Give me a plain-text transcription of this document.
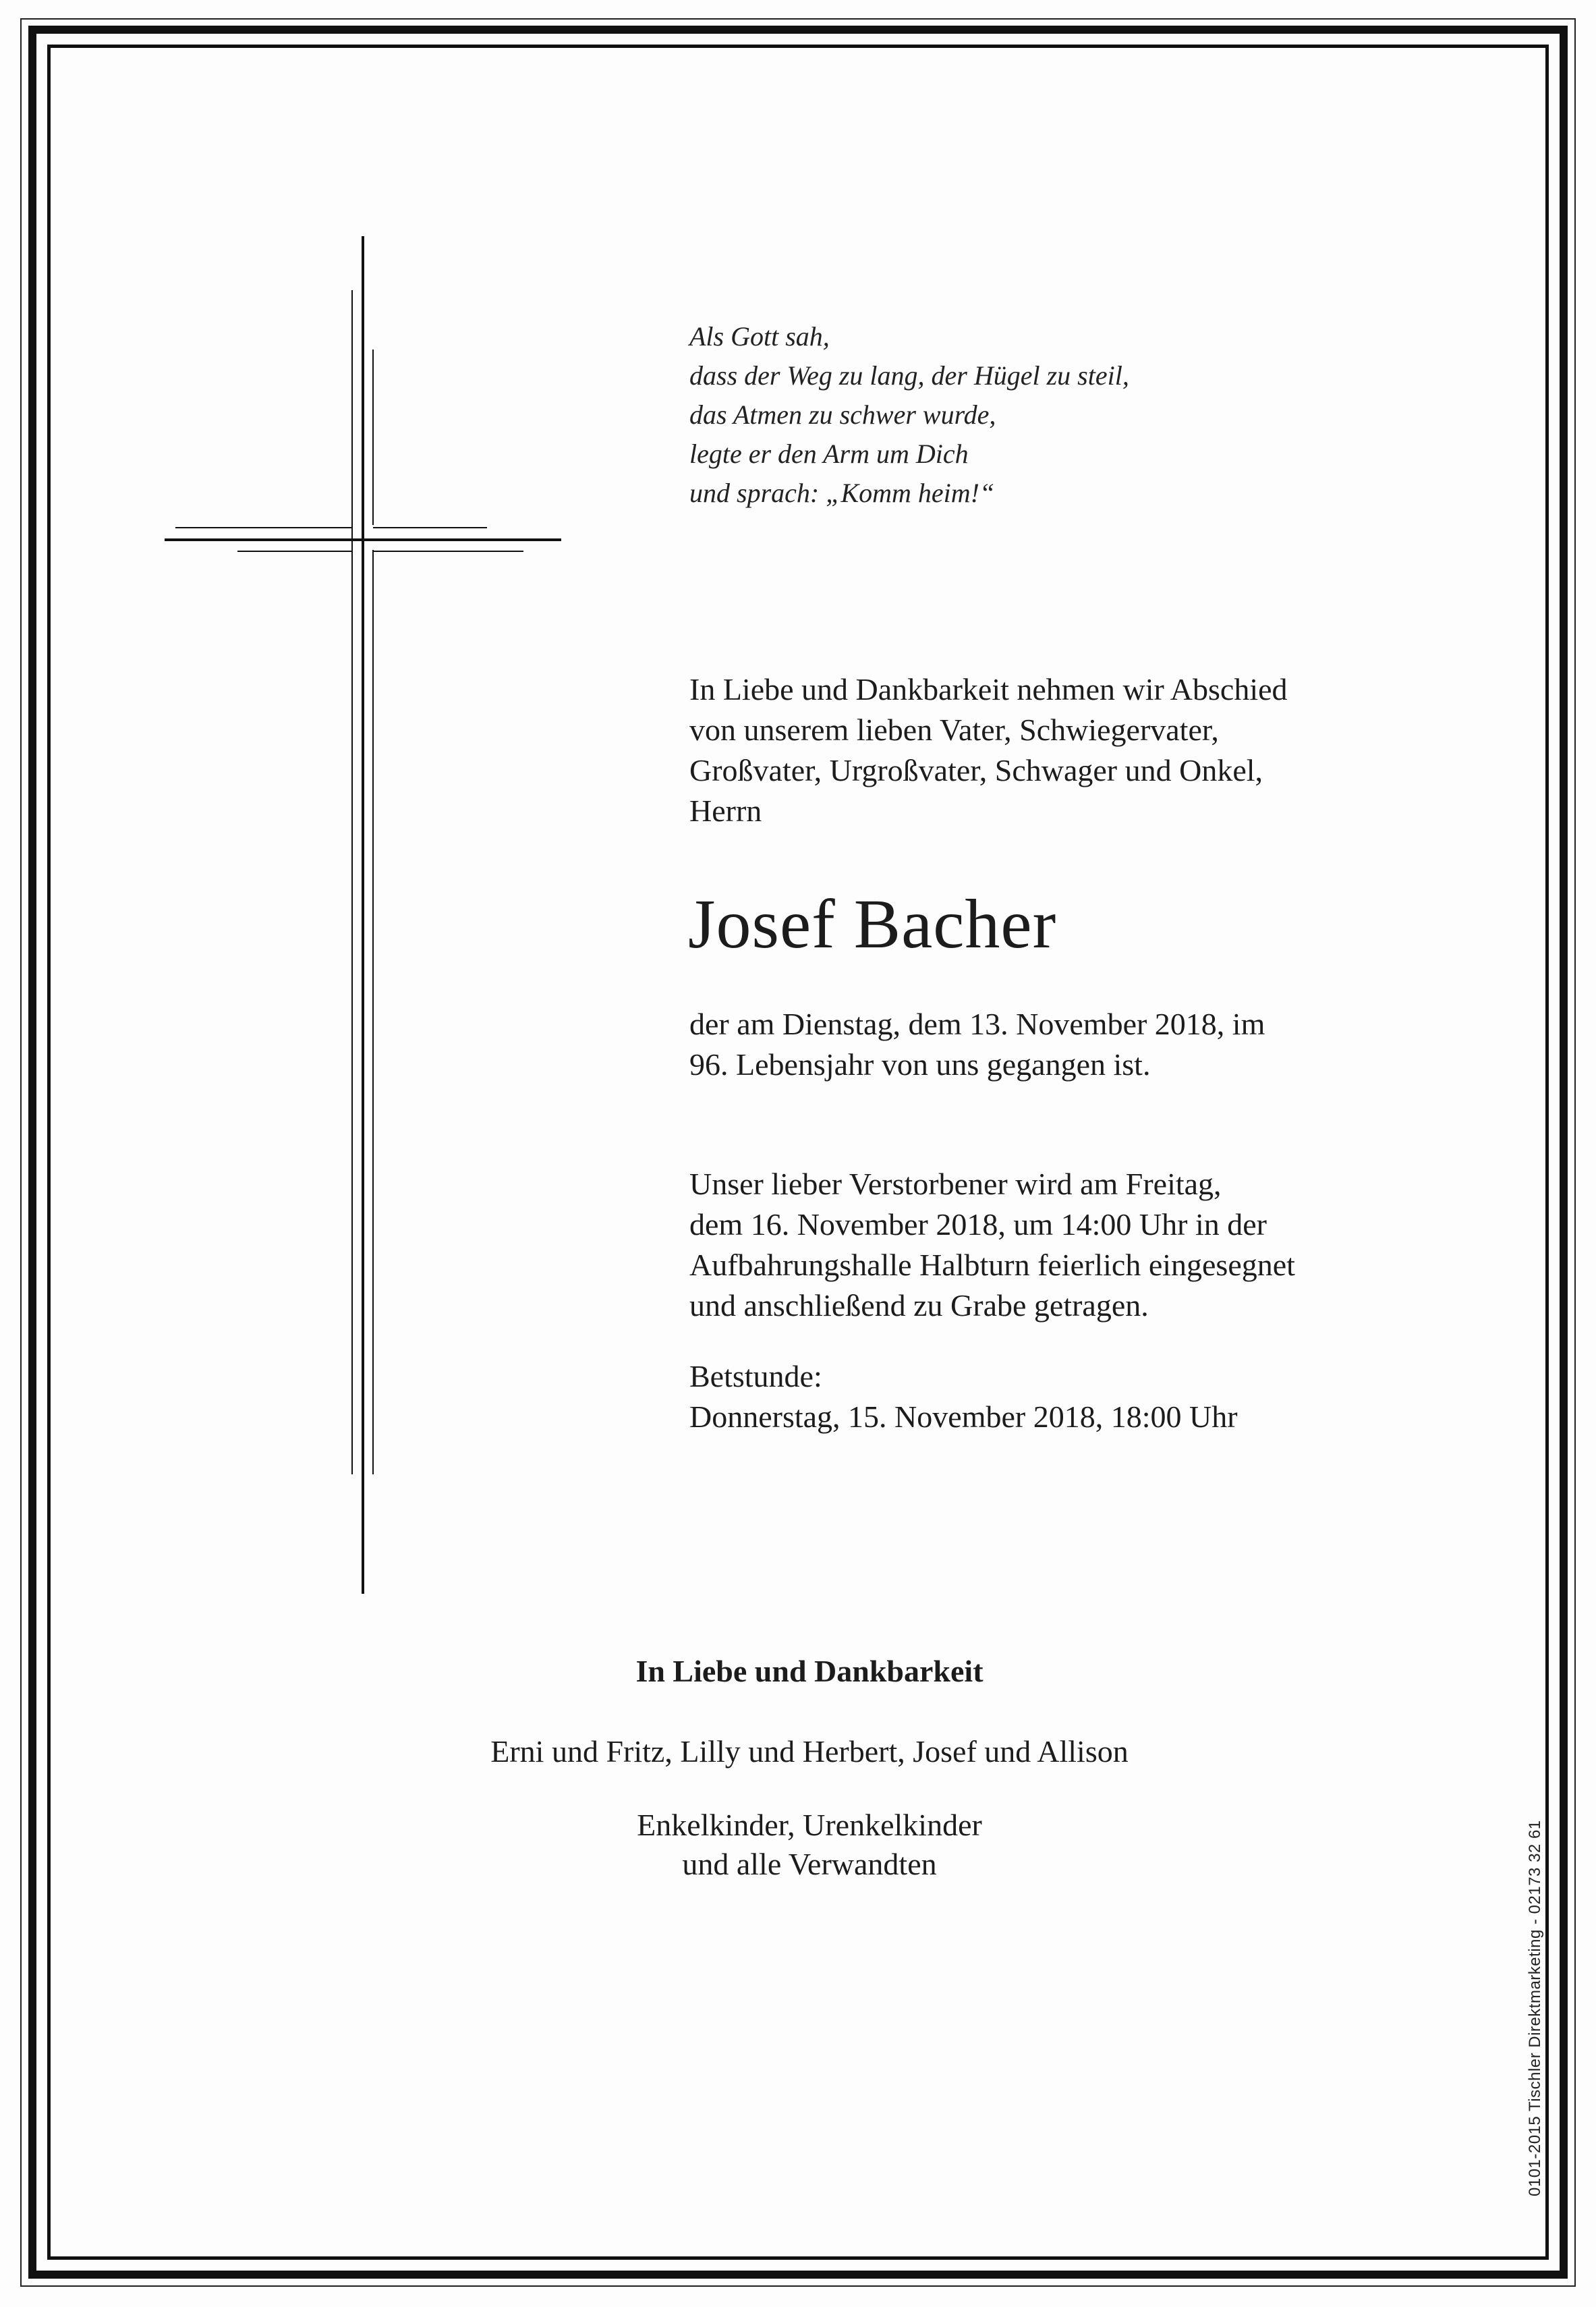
Als Gott sah,
dass der Weg zu lang, der Hügel zu steil,
das Atmen zu schwer wurde,
legte er den Arm um Dich
und sprach: „Komm heim!“
In Liebe und Dankbarkeit nehmen wir Abschied
von unserem lieben Vater, Schwiegervater,
Großvater, Urgroßvater, Schwager und Onkel,
Herrn
Josef Bacher
der am Dienstag, dem 13. November 2018, im
96. Lebensjahr von uns gegangen ist.
Unser lieber Verstorbener wird am Freitag,
dem 16. November 2018, um 14:00 Uhr in der
Aufbahrungshalle Halbturn feierlich eingesegnet
und anschließend zu Grabe getragen.
Betstunde:
Donnerstag, 15. November 2018, 18:00 Uhr
In Liebe und Dankbarkeit
Erni und Fritz, Lilly und Herbert, Josef und Allison
Enkelkinder, Urenkelkinder
und alle Verwandten	0101-2015 Tischler Direktmarketing - 02173 32 61
